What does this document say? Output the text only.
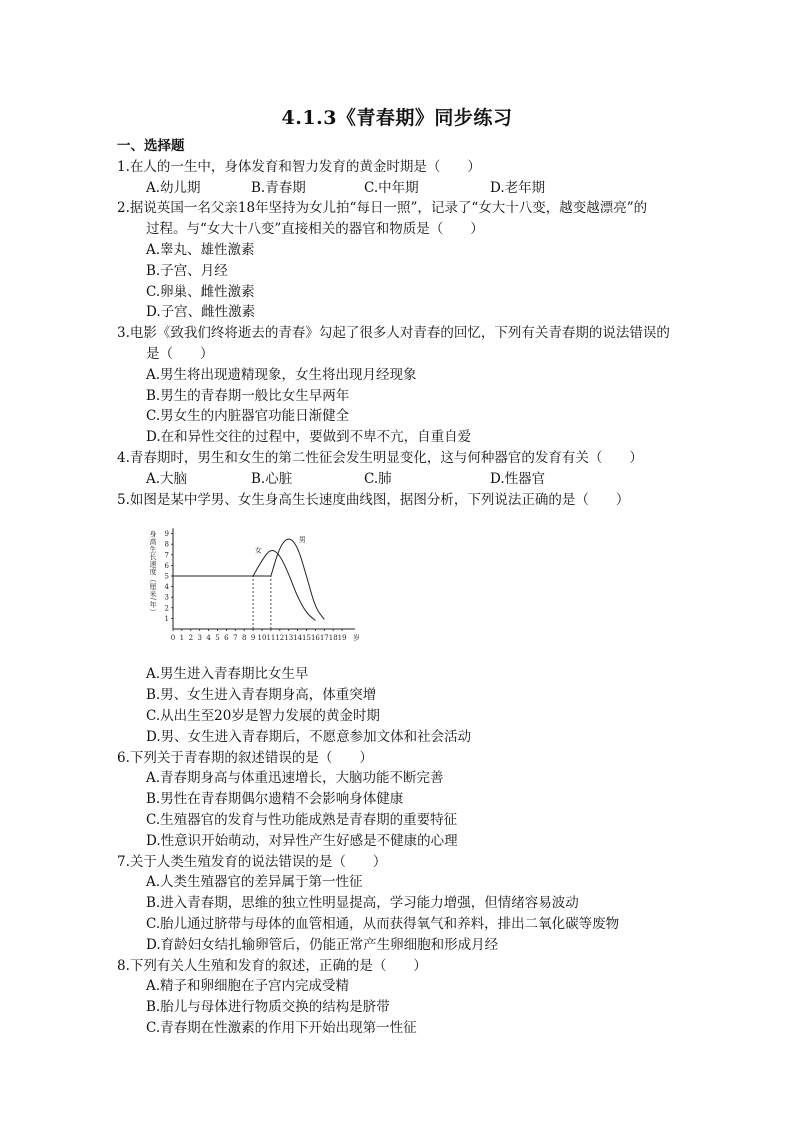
4.1.3《青春期》同步练习
一、选择题
1.在人的一生中，身体发育和智力发育的黄金时期是（　　）
A.幼儿期	B.青春期	C.中年期	D.老年期
2.据说英国一名父亲18年坚持为女儿拍“每日一照”，记录了“女大十八变，越变越漂亮”的
过程。与“女大十八变”直接相关的器官和物质是（　　）
A.睾丸、雄性激素
B.子宫、月经
C.卵巢、雌性激素
D.子宫、雌性激素
3.电影《致我们终将逝去的青春》勾起了很多人对青春的回忆，下列有关青春期的说法错误的
是（　　）
A.男生将出现遗精现象，女生将出现月经现象
B.男生的青春期一般比女生早两年
C.男女生的内脏器官功能日渐健全
D.在和异性交往的过程中，要做到不卑不亢，自重自爱
4.青春期时，男生和女生的第二性征会发生明显变化，这与何种器官的发育有关（　　）
A.大脑	B.心脏	C.肺	D.性器官
5.如图是某中学男、女生身高生长速度曲线图，据图分析，下列说法正确的是（　　）
1
2
3
4
5
6
7
8
9
0 1 2 3 4 5 6 7 8 9 10 11 12 13 14 15 16 17 18 19 岁
身高生长速度（厘米/年）	女
男
A.男生进入青春期比女生早
B.男、女生进入青春期身高，体重突增
C.从出生至20岁是智力发展的黄金时期
D.男、女生进入青春期后，不愿意参加文体和社会活动
6.下列关于青春期的叙述错误的是（　　）
A.青春期身高与体重迅速增长，大脑功能不断完善
B.男性在青春期偶尔遗精不会影响身体健康
C.生殖器官的发育与性功能成熟是青春期的重要特征
D.性意识开始萌动，对异性产生好感是不健康的心理
7.关于人类生殖发育的说法错误的是（　　）
A.人类生殖器官的差异属于第一性征
B.进入青春期，思维的独立性明显提高，学习能力增强，但情绪容易波动
C.胎儿通过脐带与母体的血管相通，从而获得氧气和养料，排出二氧化碳等废物
D.育龄妇女结扎输卵管后，仍能正常产生卵细胞和形成月经
8.下列有关人生殖和发育的叙述，正确的是（　　）
A.精子和卵细胞在子宫内完成受精
B.胎儿与母体进行物质交换的结构是脐带
C.青春期在性激素的作用下开始出现第一性征
